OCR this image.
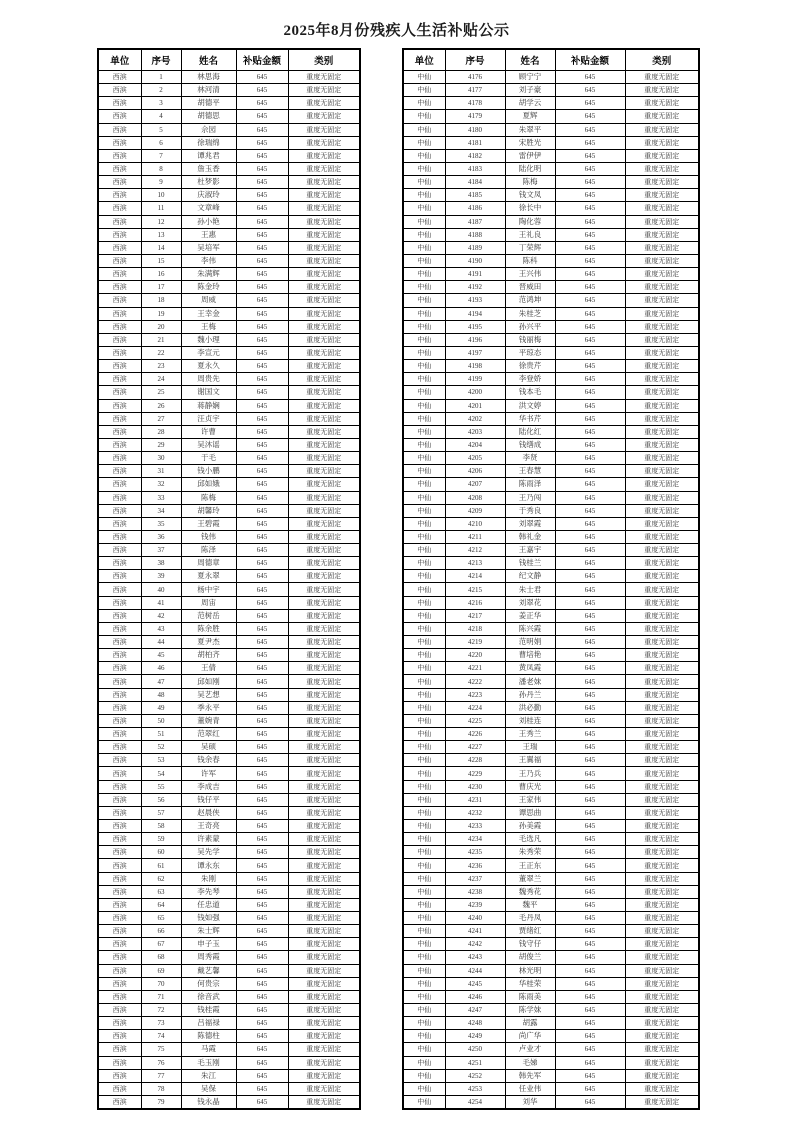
2025年8月份残疾人生活补贴公示
单位	序号	姓名	补贴金额	类别
西滨	1	林思海	645	重度无固定
西滨	2	林河清	645	重度无固定
西滨	3	胡德平	645	重度无固定
西滨	4	胡德思	645	重度无固定
西滨	5	佘园	645	重度无固定
西滨	6	徐瑞绵	645	重度无固定
西滨	7	谭兆君	645	重度无固定
西滨	8	詹玉香	645	重度无固定
西滨	9	杜梦影	645	重度无固定
西滨	10	庆淑玲	645	重度无固定
西滨	11	文章峰	645	重度无固定
西滨	12	孙小艳	645	重度无固定
西滨	13	王惠	645	重度无固定
西滨	14	吴培军	645	重度无固定
西滨	15	李伟	645	重度无固定
西滨	16	朱满辉	645	重度无固定
西滨	17	陈金玲	645	重度无固定
西滨	18	周威	645	重度无固定
西滨	19	王幸金	645	重度无固定
西滨	20	王梅	645	重度无固定
西滨	21	魏小理	645	重度无固定
西滨	22	李宣元	645	重度无固定
西滨	23	夏永久	645	重度无固定
西滨	24	周贵先	645	重度无固定
西滨	25	谢国文	645	重度无固定
西滨	26	蒋静娴	645	重度无固定
西滨	27	汪贞宇	645	重度无固定
西滨	28	许曹	645	重度无固定
西滨	29	吴沐谣	645	重度无固定
西滨	30	于毛	645	重度无固定
西滨	31	钱小鹏	645	重度无固定
西滨	32	邱如娥	645	重度无固定
西滨	33	陈梅	645	重度无固定
西滨	34	胡馨玲	645	重度无固定
西滨	35	王碧霞	645	重度无固定
西滨	36	钱伟	645	重度无固定
西滨	37	陈泽	645	重度无固定
西滨	38	周德章	645	重度无固定
西滨	39	夏永翠	645	重度无固定
西滨	40	杨中宇	645	重度无固定
西滨	41	周宙	645	重度无固定
西滨	42	范树岳	645	重度无固定
西滨	43	陈余胜	645	重度无固定
西滨	44	夏尹杰	645	重度无固定
西滨	45	胡柏齐	645	重度无固定
西滨	46	王倩	645	重度无固定
西滨	47	邱如刚	645	重度无固定
西滨	48	吴艺想	645	重度无固定
西滨	49	季永平	645	重度无固定
西滨	50	董婉青	645	重度无固定
西滨	51	范翠红	645	重度无固定
西滨	52	吴硕	645	重度无固定
西滨	53	钱余春	645	重度无固定
西滨	54	许军	645	重度无固定
西滨	55	李成吉	645	重度无固定
西滨	56	钱仔平	645	重度无固定
西滨	57	赵晨侠	645	重度无固定
西滨	58	王奇亮	645	重度无固定
西滨	59	许素蒙	645	重度无固定
西滨	60	吴先学	645	重度无固定
西滨	61	谭永东	645	重度无固定
西滨	62	朱刚	645	重度无固定
西滨	63	李先琴	645	重度无固定
西滨	64	任忠道	645	重度无固定
西滨	65	钱如强	645	重度无固定
西滨	66	朱士辉	645	重度无固定
西滨	67	申子玉	645	重度无固定
西滨	68	周秀霞	645	重度无固定
西滨	69	戴艺馨	645	重度无固定
西滨	70	何贵宗	645	重度无固定
西滨	71	徐音武	645	重度无固定
西滨	72	钱桂霞	645	重度无固定
西滨	73	吕福禄	645	重度无固定
西滨	74	陈德柱	645	重度无固定
西滨	75	马霞	645	重度无固定
西滨	76	毛玉刚	645	重度无固定
西滨	77	朱江	645	重度无固定
西滨	78	吴保	645	重度无固定
西滨	79	钱永晶	645	重度无固定
单位	序号	姓名	补贴金额	类别
中仙	4176	顾宁宁	645	重度无固定
中仙	4177	刘子豪	645	重度无固定
中仙	4178	胡学云	645	重度无固定
中仙	4179	夏辉	645	重度无固定
中仙	4180	朱翠平	645	重度无固定
中仙	4181	宋胜光	645	重度无固定
中仙	4182	雷伊伊	645	重度无固定
中仙	4183	陆化明	645	重度无固定
中仙	4184	陈梅	645	重度无固定
中仙	4185	钱文凤	645	重度无固定
中仙	4186	徐长中	645	重度无固定
中仙	4187	陶化蓉	645	重度无固定
中仙	4188	王礼良	645	重度无固定
中仙	4189	丁荣辉	645	重度无固定
中仙	4190	陈科	645	重度无固定
中仙	4191	王兴伟	645	重度无固定
中仙	4192	晋威田	645	重度无固定
中仙	4193	范鸿坤	645	重度无固定
中仙	4194	朱桂芝	645	重度无固定
中仙	4195	孙兴平	645	重度无固定
中仙	4196	钱丽梅	645	重度无固定
中仙	4197	平琼态	645	重度无固定
中仙	4198	徐贵芹	645	重度无固定
中仙	4199	李登娇	645	重度无固定
中仙	4200	钱本毛	645	重度无固定
中仙	4201	洪文婷	645	重度无固定
中仙	4202	华书芹	645	重度无固定
中仙	4203	陆化红	645	重度无固定
中仙	4204	钱缮成	645	重度无固定
中仙	4205	李贤	645	重度无固定
中仙	4206	王春慧	645	重度无固定
中仙	4207	陈雨泽	645	重度无固定
中仙	4208	王乃闯	645	重度无固定
中仙	4209	于秀良	645	重度无固定
中仙	4210	刘翠霞	645	重度无固定
中仙	4211	韩礼金	645	重度无固定
中仙	4212	王嘉宇	645	重度无固定
中仙	4213	钱桂兰	645	重度无固定
中仙	4214	纪文静	645	重度无固定
中仙	4215	朱士君	645	重度无固定
中仙	4216	刘翠花	645	重度无固定
中仙	4217	姜正华	645	重度无固定
中仙	4218	陈兴霞	645	重度无固定
中仙	4219	范明娟	645	重度无固定
中仙	4220	曹培艳	645	重度无固定
中仙	4221	黄凤霞	645	重度无固定
中仙	4222	潘老妹	645	重度无固定
中仙	4223	孙丹兰	645	重度无固定
中仙	4224	洪必勤	645	重度无固定
中仙	4225	刘桂连	645	重度无固定
中仙	4226	王秀兰	645	重度无固定
中仙	4227	王瑞	645	重度无固定
中仙	4228	王翼福	645	重度无固定
中仙	4229	王乃兵	645	重度无固定
中仙	4230	曹庆光	645	重度无固定
中仙	4231	王家伟	645	重度无固定
中仙	4232	谭思曲	645	重度无固定
中仙	4233	孙美霞	645	重度无固定
中仙	4234	毛选凡	645	重度无固定
中仙	4235	朱秀荣	645	重度无固定
中仙	4236	王正东	645	重度无固定
中仙	4237	董翠兰	645	重度无固定
中仙	4238	魏秀花	645	重度无固定
中仙	4239	魏平	645	重度无固定
中仙	4240	毛丹凤	645	重度无固定
中仙	4241	贾绪红	645	重度无固定
中仙	4242	钱守仔	645	重度无固定
中仙	4243	胡俊兰	645	重度无固定
中仙	4244	林光明	645	重度无固定
中仙	4245	华桂荣	645	重度无固定
中仙	4246	陈雨美	645	重度无固定
中仙	4247	陈学妹	645	重度无固定
中仙	4248	胡露	645	重度无固定
中仙	4249	尚广华	645	重度无固定
中仙	4250	卢业才	645	重度无固定
中仙	4251	毛娣	645	重度无固定
中仙	4252	韩先军	645	重度无固定
中仙	4253	任业伟	645	重度无固定
中仙	4254	刘华	645	重度无固定
